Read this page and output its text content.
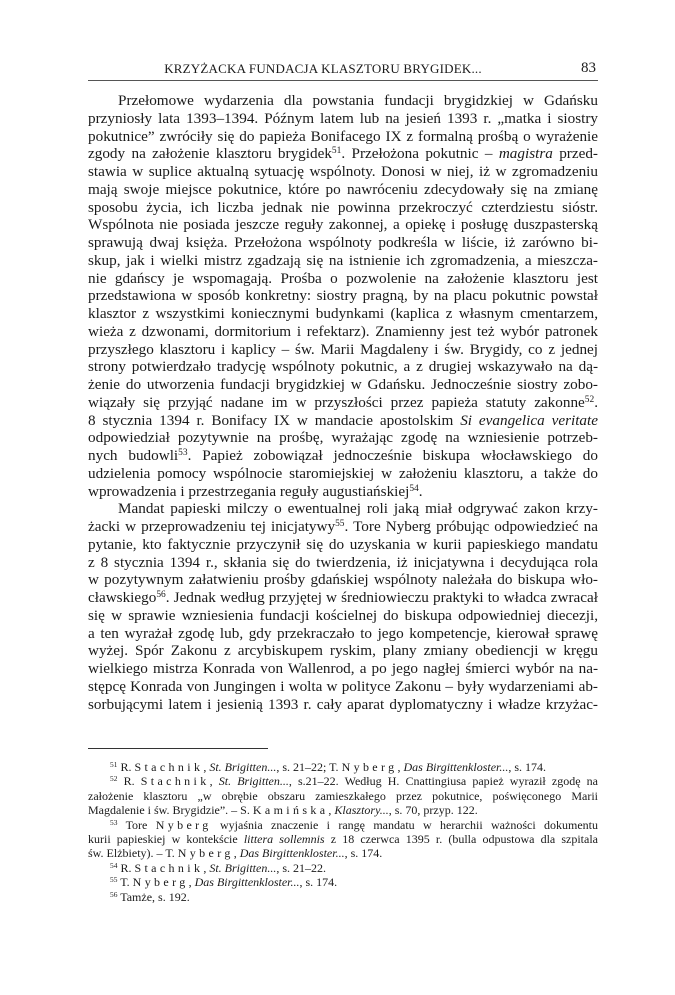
KRZYŻACKA FUNDACJA KLASZTORU BRYGIDEK...	83
Przełomowe wydarzenia dla powstania fundacji brygidzkiej w Gdańsku
przyniosły lata 1393–1394. Późnym latem lub na jesień 1393 r. „matka i siostry
pokutnice” zwróciły się do papieża Bonifacego IX z formalną prośbą o wyrażenie
zgody na założenie klasztoru brygidek$^{51}$. Przełożona pokutnic – magistra przed-
stawia w suplice aktualną sytuację wspólnoty. Donosi w niej, iż w zgromadzeniu
mają swoje miejsce pokutnice, które po nawróceniu zdecydowały się na zmianę
sposobu życia, ich liczba jednak nie powinna przekroczyć czterdziestu sióstr.
Wspólnota nie posiada jeszcze reguły zakonnej, a opiekę i posługę duszpasterską
sprawują dwaj księża. Przełożona wspólnoty podkreśla w liście, iż zarówno bi-
skup, jak i wielki mistrz zgadzają się na istnienie ich zgromadzenia, a mieszcza-
nie gdańscy je wspomagają. Prośba o pozwolenie na założenie klasztoru jest
przedstawiona w sposób konkretny: siostry pragną, by na placu pokutnic powstał
klasztor z wszystkimi koniecznymi budynkami (kaplica z własnym cmentarzem,
wieża z dzwonami, dormitorium i refektarz). Znamienny jest też wybór patronek
przyszłego klasztoru i kaplicy – św. Marii Magdaleny i św. Brygidy, co z jednej
strony potwierdzało tradycję wspólnoty pokutnic, a z drugiej wskazywało na dą-
żenie do utworzenia fundacji brygidzkiej w Gdańsku. Jednocześnie siostry zobo-
wiązały się przyjąć nadane im w przyszłości przez papieża statuty zakonne$^{52}$.
8 stycznia 1394 r. Bonifacy IX w mandacie apostolskim Si evangelica veritate
odpowiedział pozytywnie na prośbę, wyrażając zgodę na wzniesienie potrzeb-
nych budowli$^{53}$. Papież zobowiązał jednocześnie biskupa włocławskiego do
udzielenia pomocy wspólnocie staromiejskiej w założeniu klasztoru, a także do
wprowadzenia i przestrzegania reguły augustiańskiej$^{54}$.
Mandat papieski milczy o ewentualnej roli jaką miał odgrywać zakon krzy-
żacki w przeprowadzeniu tej inicjatywy$^{55}$. Tore Nyberg próbując odpowiedzieć na
pytanie, kto faktycznie przyczynił się do uzyskania w kurii papieskiego mandatu
z 8 stycznia 1394 r., skłania się do twierdzenia, iż inicjatywna i decydująca rola
w pozytywnym załatwieniu prośby gdańskiej wspólnoty należała do biskupa wło-
cławskiego$^{56}$. Jednak według przyjętej w średniowieczu praktyki to władca zwracał
się w sprawie wzniesienia fundacji kościelnej do biskupa odpowiedniej diecezji,
a ten wyrażał zgodę lub, gdy przekraczało to jego kompetencje, kierował sprawę
wyżej. Spór Zakonu z arcybiskupem ryskim, plany zmiany obediencji w kręgu
wielkiego mistrza Konrada von Wallenrod, a po jego nagłej śmierci wybór na na-
stępcę Konrada von Jungingen i wolta w polityce Zakonu – były wydarzeniami ab-
sorbującymi latem i jesienią 1393 r. cały aparat dyplomatyczny i władze krzyżac-
$^{51}$ R. Stachnik, St. Brigitten..., s. 21–22; T. Nyberg, Das Birgittenkloster..., s. 174.
$^{52}$ R. Stachnik, St. Brigitten..., s.21–22. Według H. Cnattingiusa papież wyraził zgodę na
założenie klasztoru „w obrębie obszaru zamieszkałego przez pokutnice, poświęconego Marii
Magdalenie i św. Brygidzie”. – S. Kamińska, Klasztory..., s. 70, przyp. 122.
$^{53}$ Tore Nyberg wyjaśnia znaczenie i rangę mandatu w herarchii ważności dokumentu
kurii papieskiej w kontekście littera sollemnis z 18 czerwca 1395 r. (bulla odpustowa dla szpitala
św. Elżbiety). – T. Nyberg, Das Birgittenkloster..., s. 174.
$^{54}$ R. Stachnik, St. Brigitten..., s. 21–22.
$^{55}$ T. Nyberg, Das Birgittenkloster..., s. 174.
$^{56}$ Tamże, s. 192.
